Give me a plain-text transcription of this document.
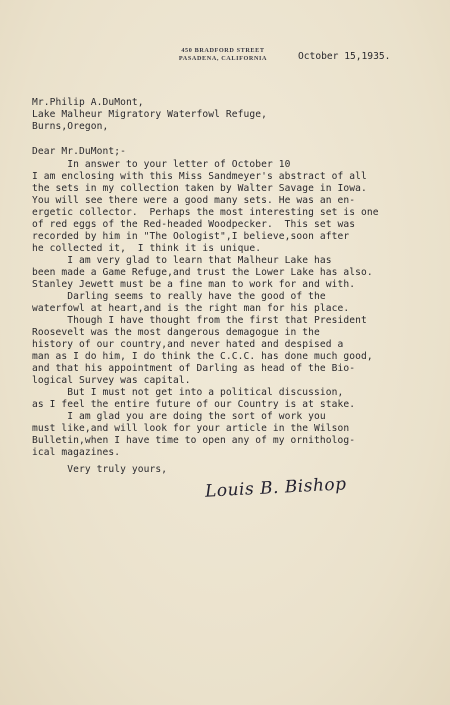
450 BRADFORD STREET
PASADENA, CALIFORNIA	October 15,1935.
Mr.Philip A.DuMont,
Lake Malheur Migratory Waterfowl Refuge,
Burns,Oregon,
Dear Mr.DuMont;-
In answer to your letter of October 10
I am enclosing with this Miss Sandmeyer's abstract of all
the sets in my collection taken by Walter Savage in Iowa.
You will see there were a good many sets. He was an en-
ergetic collector.  Perhaps the most interesting set is one
of red eggs of the Red-headed Woodpecker.  This set was
recorded by him in "The Oologist",I believe,soon after
he collected it,  I think it is unique.
I am very glad to learn that Malheur Lake has
been made a Game Refuge,and trust the Lower Lake has also.
Stanley Jewett must be a fine man to work for and with.
Darling seems to really have the good of the
waterfowl at heart,and is the right man for his place.
Though I have thought from the first that President
Roosevelt was the most dangerous demagogue in the
history of our country,and never hated and despised a
man as I do him, I do think the C.C.C. has done much good,
and that his appointment of Darling as head of the Bio-
logical Survey was capital.
But I must not get into a political discussion,
as I feel the entire future of our Country is at stake.
I am glad you are doing the sort of work you
must like,and will look for your article in the Wilson
Bulletin,when I have time to open any of my ornitholog-
ical magazines.
Very truly yours,
Louis B. Bishop
